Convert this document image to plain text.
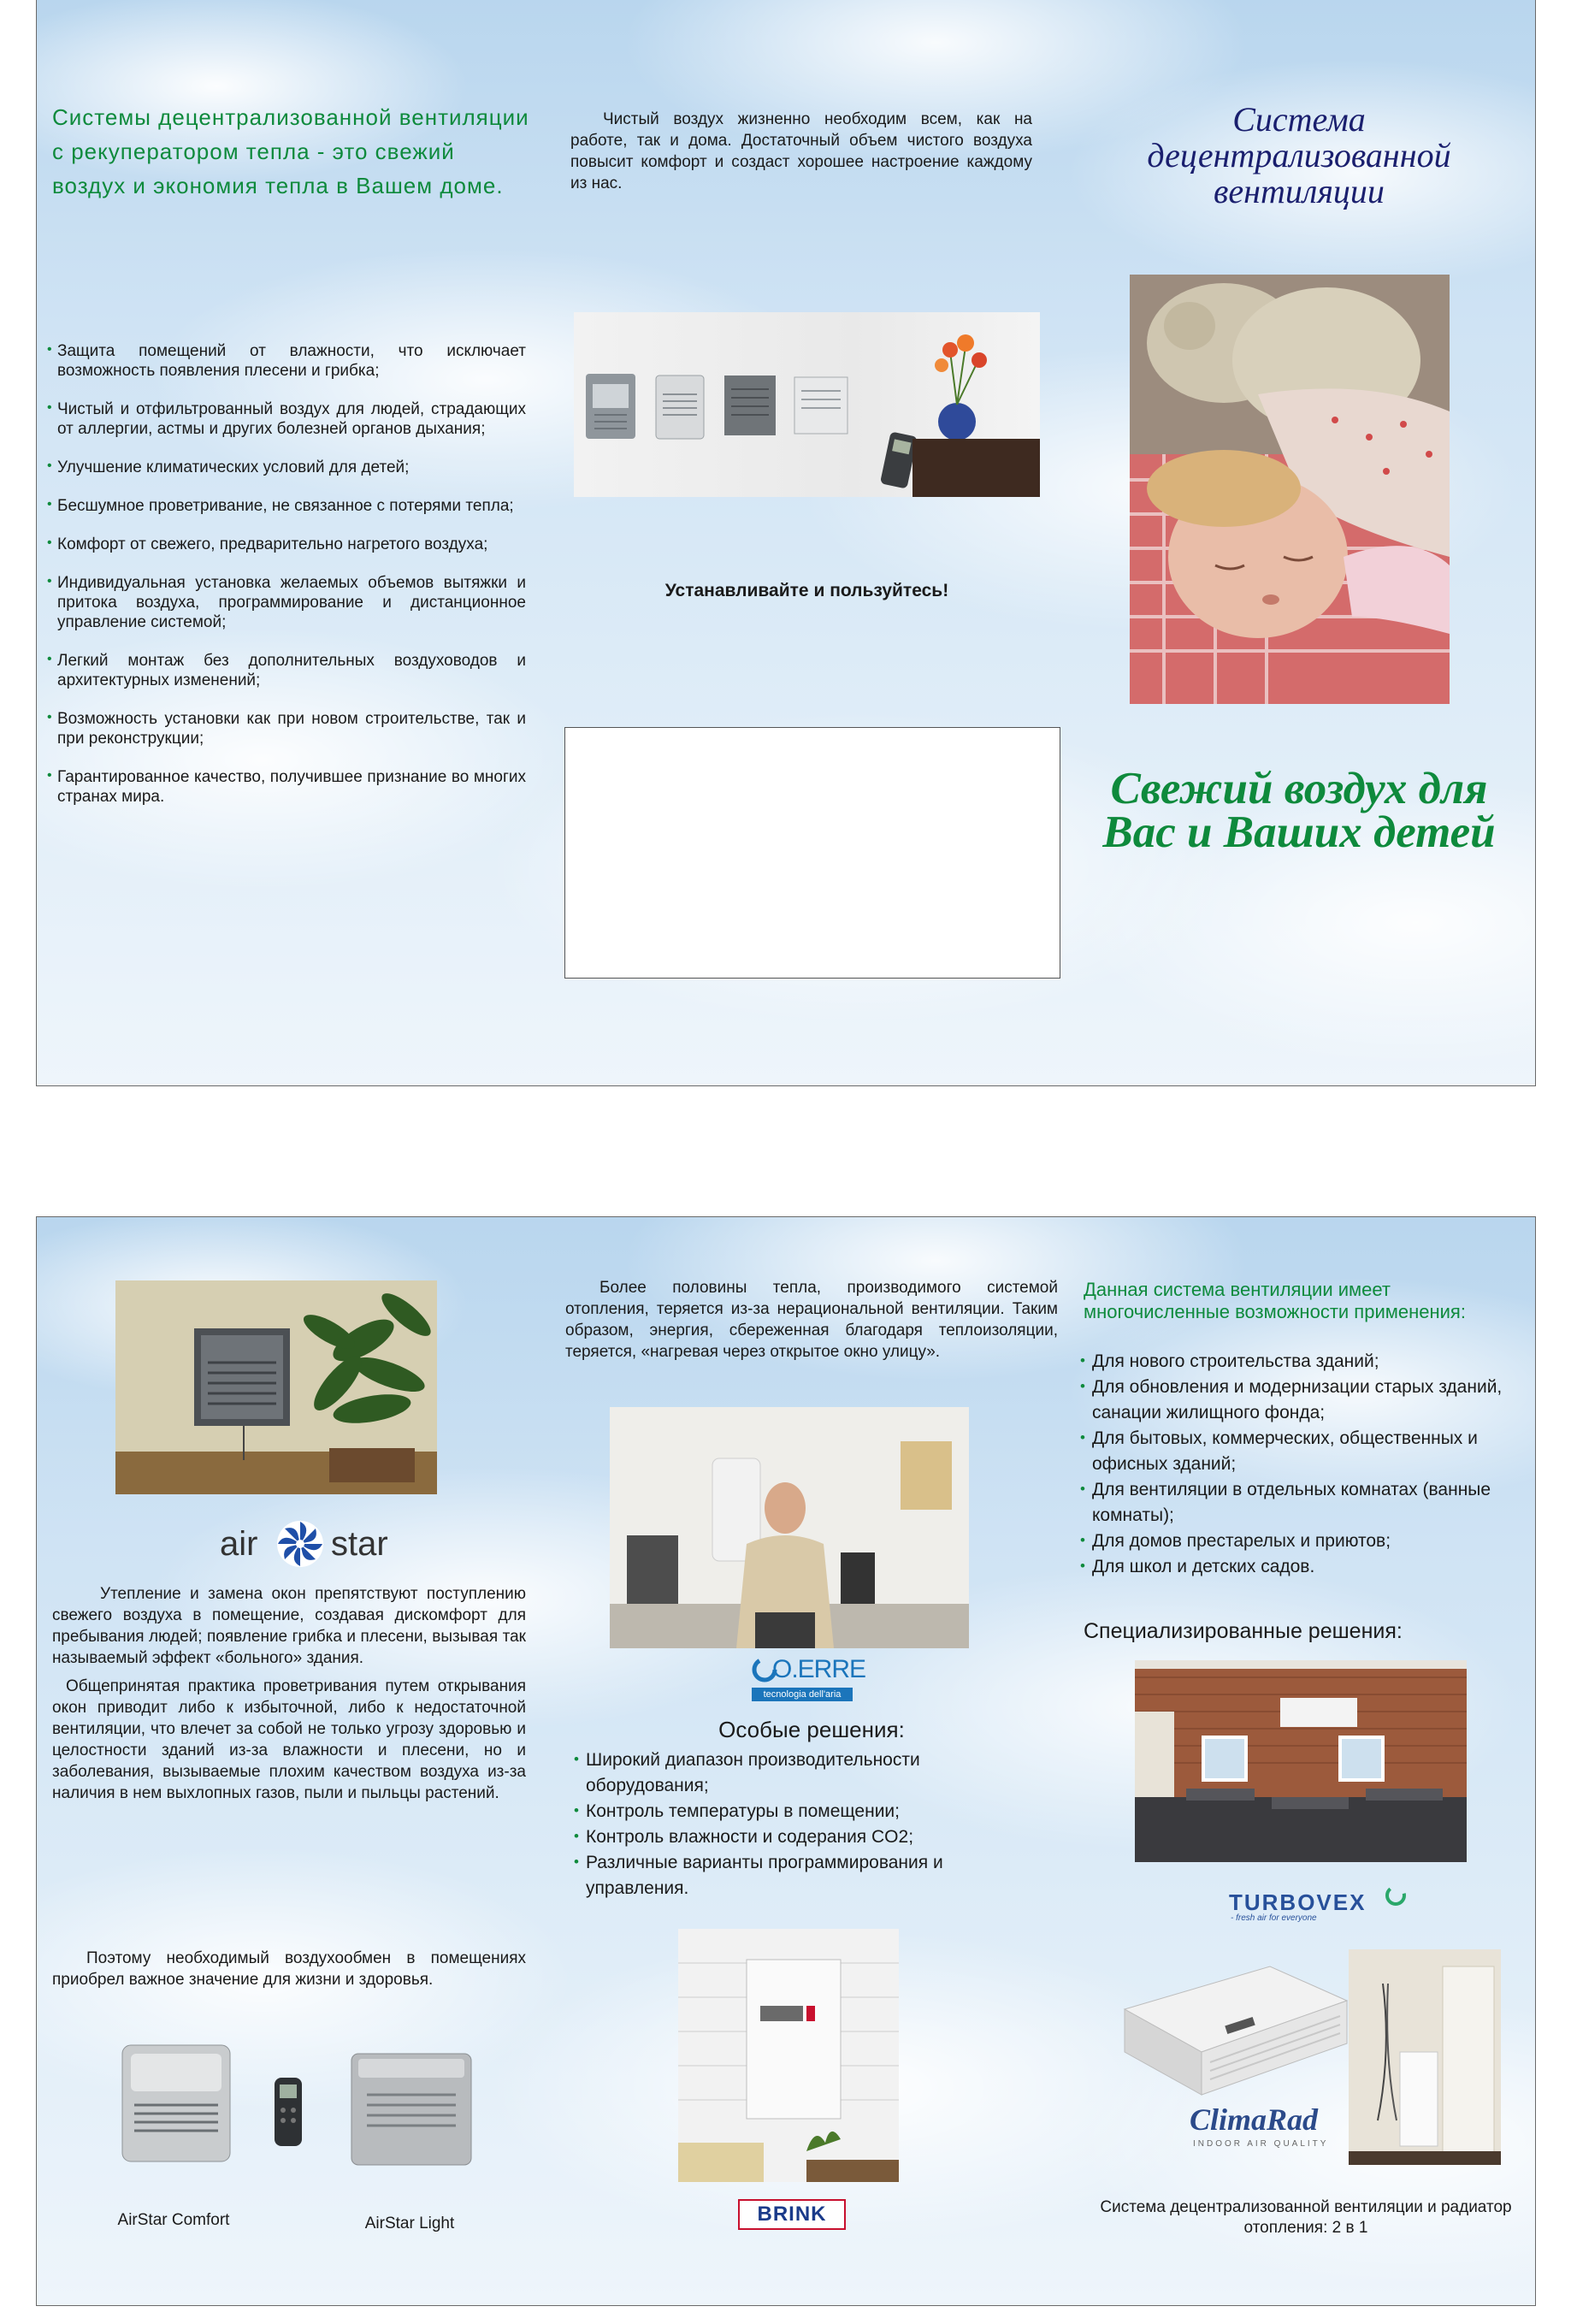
Системы децентрализованной вентиляции с рекуператором тепла - это свежий воздух и экономия тепла в Вашем доме.
• Защита помещений от влажности, что исключает возможность появления плесени и грибка;
• Чистый и отфильтрованный воздух для людей, страдающих от аллергии, астмы и других болезней органов дыхания;
• Улучшение климатических условий для детей;
• Бесшумное проветривание, не связанное с потерями тепла;
• Комфорт от свежего, предварительно нагретого воздуха;
• Индивидуальная установка желаемых объемов вытяжки и притока воздуха, программирование и дистанционное управление системой;
• Легкий монтаж без дополнительных воздуховодов и архитектурных изменений;
• Возможность установки как при новом строительстве, так и при реконструкции;
• Гарантированное качество, получившее признание во многих странах мира.
Чистый воздух жизненно необходим всем, как на работе, так и дома. Достаточный объем чистого воздуха повысит комфорт и создаст хорошее настроение каждому из нас.
Устанавливайте и пользуйтесь!
Система децентрализованной вентиляции
Свежий воздух для Вас и Ваших детей
air star
Утепление и замена окон препятствуют поступлению свежего воздуха в помещение, создавая дискомфорт для пребывания людей; появление грибка и плесени, вызывая так называемый эффект «больного» здания.
Общепринятая практика проветривания путем открывания окон приводит либо к избыточной, либо к недостаточной вентиляции, что влечет за собой не только угрозу здоровью и целостности зданий из-за влажности и плесени, но и заболевания, вызываемые плохим качеством воздуха из-за наличия в нем выхлопных газов, пыли и пыльцы растений.
Поэтому необходимый воздухообмен в помещениях приобрел важное значение для жизни и здоровья.
AirStar Comfort	AirStar Light
Более половины тепла, производимого системой отопления, теряется из-за нерациональной вентиляции. Таким образом, энергия, сбереженная благодаря теплоизоляции, теряется, «нагревая через открытое окно улицу».
O.ERRE
tecnologia dell'aria
Особые решения:
• Широкий диапазон производительности оборудования;
• Контроль температуры в помещении;
• Контроль влажности и содерания CO2;
• Различные варианты программирования и управления.
BRINK
Данная система вентиляции имеет многочисленные возможности применения:
• Для нового строительства зданий;
• Для обновления и модернизации старых зданий, санации жилищного фонда;
• Для бытовых, коммерческих, общественных и офисных зданий;
• Для вентиляции в отдельных комнатах (ванные комнаты);
• Для домов престарелых и приютов;
• Для школ и детских садов.
Специализированные решения:
TURBOVEX
- fresh air for everyone
ClimaRad
INDOOR AIR QUALITY
Система децентрализованной вентиляции и радиатор отопления: 2 в 1
